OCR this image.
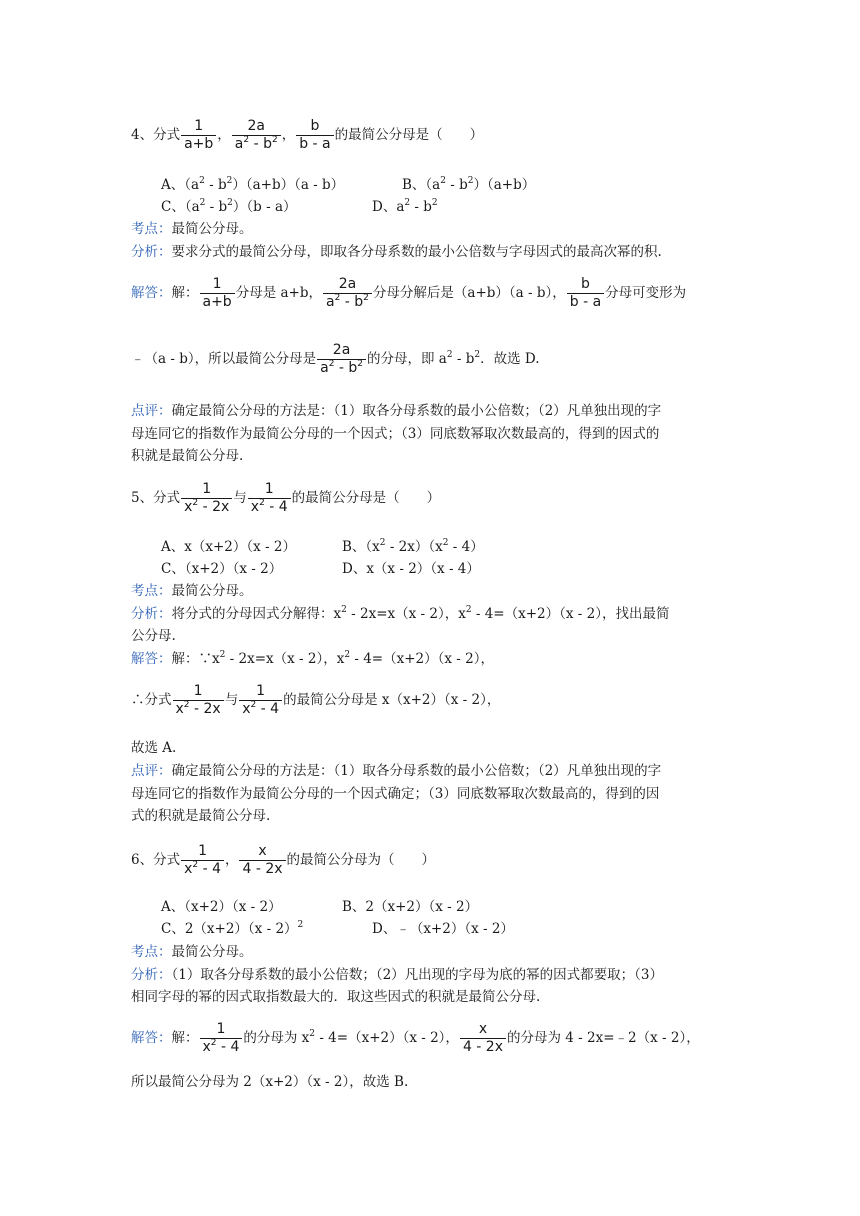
4、分式 $\frac{1}{a+b}$ ， $\frac{2a}{a^2 - b^2}$ ， $\frac{b}{b - a}$ 的最简公分母是（　　）
A、$(a^2 - b^2)(a+b)(a - b)$	B、$(a^2 - b^2)(a+b)$
C、$(a^2 - b^2)(b - a)$	D、$a^2 - b^2$
考点：最简公分母。
分析：要求分式的最简公分母，即取各分母系数的最小公倍数与字母因式的最高次幂的积.
解答：解： $\frac{1}{a+b}$ 分母是 a+b， $\frac{2a}{a^2 - b^2}$ 分母分解后是（a+b）（a - b）， $\frac{b}{b - a}$ 分母可变形为
﹣（a - b），所以最简公分母是 $\frac{2a}{a^2 - b^2}$ 的分母，即 $a^2 - b^2$．故选 D.
点评：确定最简公分母的方法是：（1）取各分母系数的最小公倍数；（2）凡单独出现的字
母连同它的指数作为最简公分母的一个因式；（3）同底数幂取次数最高的，得到的因式的
积就是最简公分母.
5、分式 $\frac{1}{x^2 - 2x}$ 与 $\frac{1}{x^2 - 4}$ 的最简公分母是（　　）
A、x（x+2）（x - 2）	B、$(x^2 - 2x)(x^2 - 4)$
C、（x+2）（x - 2）	D、x（x - 2）（x - 4）
考点：最简公分母。
分析：将分式的分母因式分解得：$x^2 - 2x=x(x - 2)$，$x^2 - 4=(x+2)(x - 2)$，找出最简
公分母.
解答：解：$\because x^2 - 2x=x(x - 2)$，$x^2 - 4=(x+2)(x - 2)$，
∴分式 $\frac{1}{x^2 - 2x}$ 与 $\frac{1}{x^2 - 4}$ 的最简公分母是 x（x+2）（x - 2），
故选 A.
点评：确定最简公分母的方法是：（1）取各分母系数的最小公倍数；（2）凡单独出现的字
母连同它的指数作为最简公分母的一个因式确定；（3）同底数幂取次数最高的，得到的因
式的积就是最简公分母.
6、分式 $\frac{1}{x^2 - 4}$ ， $\frac{x}{4 - 2x}$ 的最简公分母为（　　）
A、（x+2）（x - 2）	B、2（x+2）（x - 2）
C、2（x+2）（x - 2）$^2$	D、﹣（x+2）（x - 2）
考点：最简公分母。
分析：（1）取各分母系数的最小公倍数；（2）凡出现的字母为底的幂的因式都要取；（3）
相同字母的幂的因式取指数最大的．取这些因式的积就是最简公分母.
解答：解： $\frac{1}{x^2 - 4}$ 的分母为 $x^2 - 4=(x+2)(x - 2)$， $\frac{x}{4 - 2x}$ 的分母为 4 - 2x=﹣2（x - 2），
所以最简公分母为 2（x+2）（x - 2），故选 B.
